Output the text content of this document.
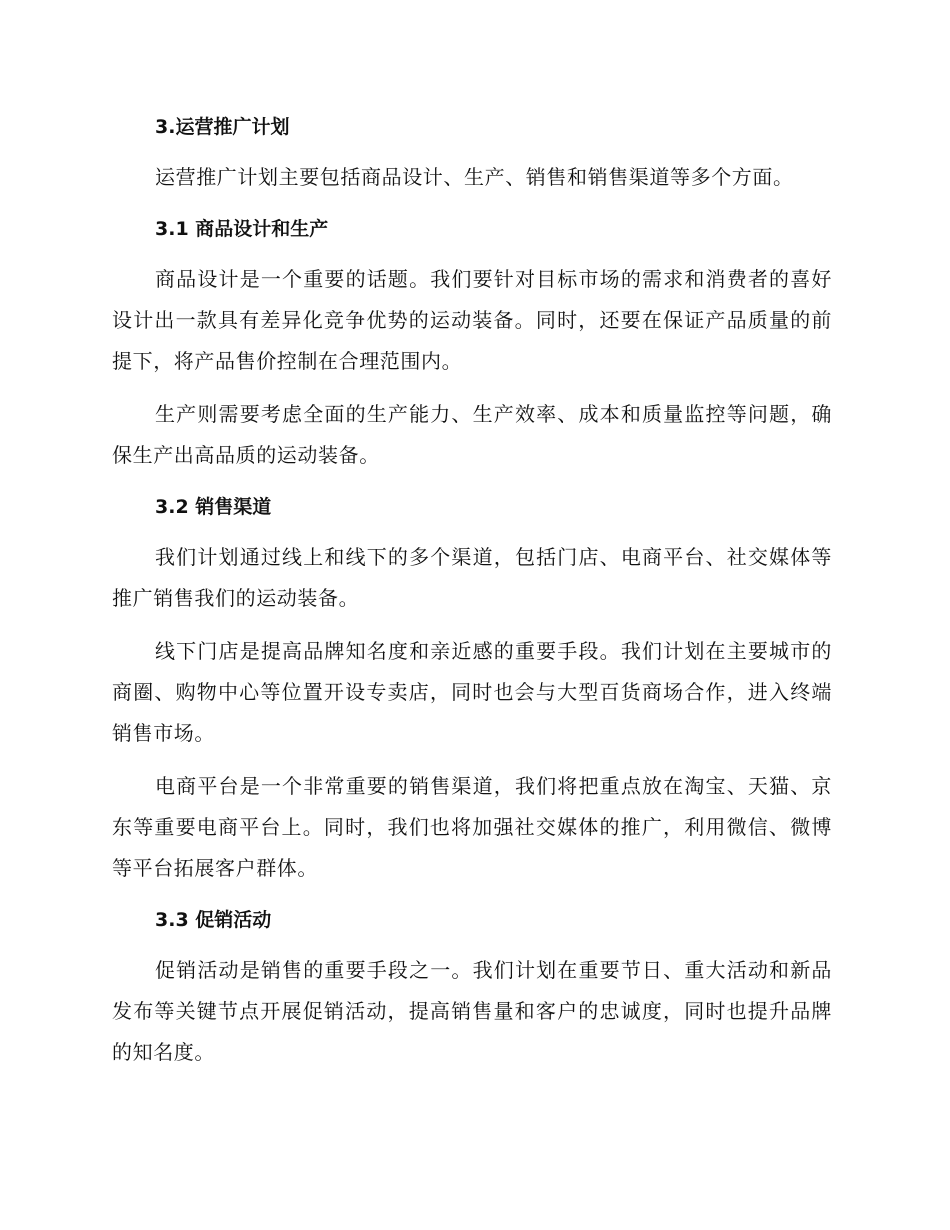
3.运营推广计划

运营推广计划主要包括商品设计、生产、销售和销售渠道等多个方面。

3.1 商品设计和生产

商品设计是一个重要的话题。我们要针对目标市场的需求和消费者的喜好设计出一款具有差异化竞争优势的运动装备。同时，还要在保证产品质量的前提下，将产品售价控制在合理范围内。

生产则需要考虑全面的生产能力、生产效率、成本和质量监控等问题，确保生产出高品质的运动装备。

3.2 销售渠道

我们计划通过线上和线下的多个渠道，包括门店、电商平台、社交媒体等推广销售我们的运动装备。

线下门店是提高品牌知名度和亲近感的重要手段。我们计划在主要城市的商圈、购物中心等位置开设专卖店，同时也会与大型百货商场合作，进入终端销售市场。

电商平台是一个非常重要的销售渠道，我们将把重点放在淘宝、天猫、京东等重要电商平台上。同时，我们也将加强社交媒体的推广，利用微信、微博等平台拓展客户群体。

3.3 促销活动

促销活动是销售的重要手段之一。我们计划在重要节日、重大活动和新品发布等关键节点开展促销活动，提高销售量和客户的忠诚度，同时也提升品牌的知名度。
